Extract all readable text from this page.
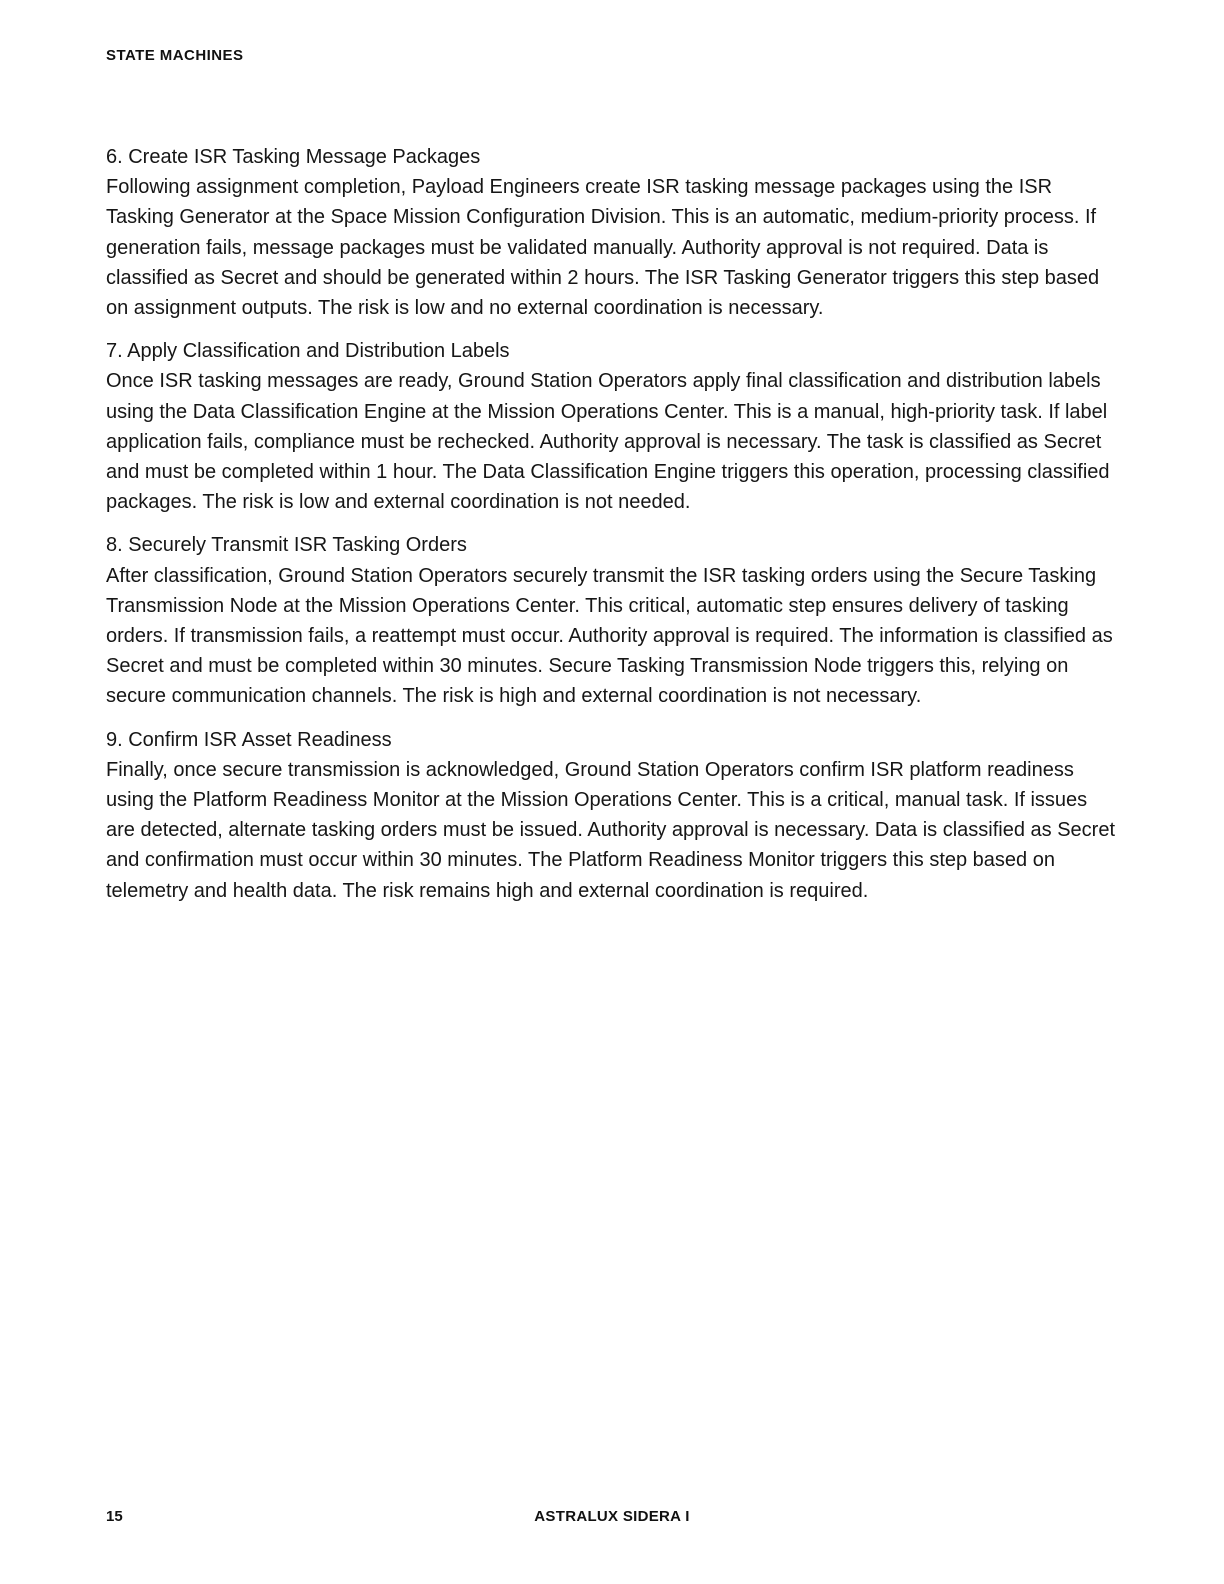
STATE MACHINES
6. Create ISR Tasking Message Packages
Following assignment completion, Payload Engineers create ISR tasking message packages using the ISR Tasking Generator at the Space Mission Configuration Division. This is an automatic, medium-priority process. If generation fails, message packages must be validated manually. Authority approval is not required. Data is classified as Secret and should be generated within 2 hours. The ISR Tasking Generator triggers this step based on assignment outputs. The risk is low and no external coordination is necessary.
7. Apply Classification and Distribution Labels
Once ISR tasking messages are ready, Ground Station Operators apply final classification and distribution labels using the Data Classification Engine at the Mission Operations Center. This is a manual, high-priority task. If label application fails, compliance must be rechecked. Authority approval is necessary. The task is classified as Secret and must be completed within 1 hour. The Data Classification Engine triggers this operation, processing classified packages. The risk is low and external coordination is not needed.
8. Securely Transmit ISR Tasking Orders
After classification, Ground Station Operators securely transmit the ISR tasking orders using the Secure Tasking Transmission Node at the Mission Operations Center. This critical, automatic step ensures delivery of tasking orders. If transmission fails, a reattempt must occur. Authority approval is required. The information is classified as Secret and must be completed within 30 minutes. Secure Tasking Transmission Node triggers this, relying on secure communication channels. The risk is high and external coordination is not necessary.
9. Confirm ISR Asset Readiness
Finally, once secure transmission is acknowledged, Ground Station Operators confirm ISR platform readiness using the Platform Readiness Monitor at the Mission Operations Center. This is a critical, manual task. If issues are detected, alternate tasking orders must be issued. Authority approval is necessary. Data is classified as Secret and confirmation must occur within 30 minutes. The Platform Readiness Monitor triggers this step based on telemetry and health data. The risk remains high and external coordination is required.
15	ASTRALUX SIDERA I
